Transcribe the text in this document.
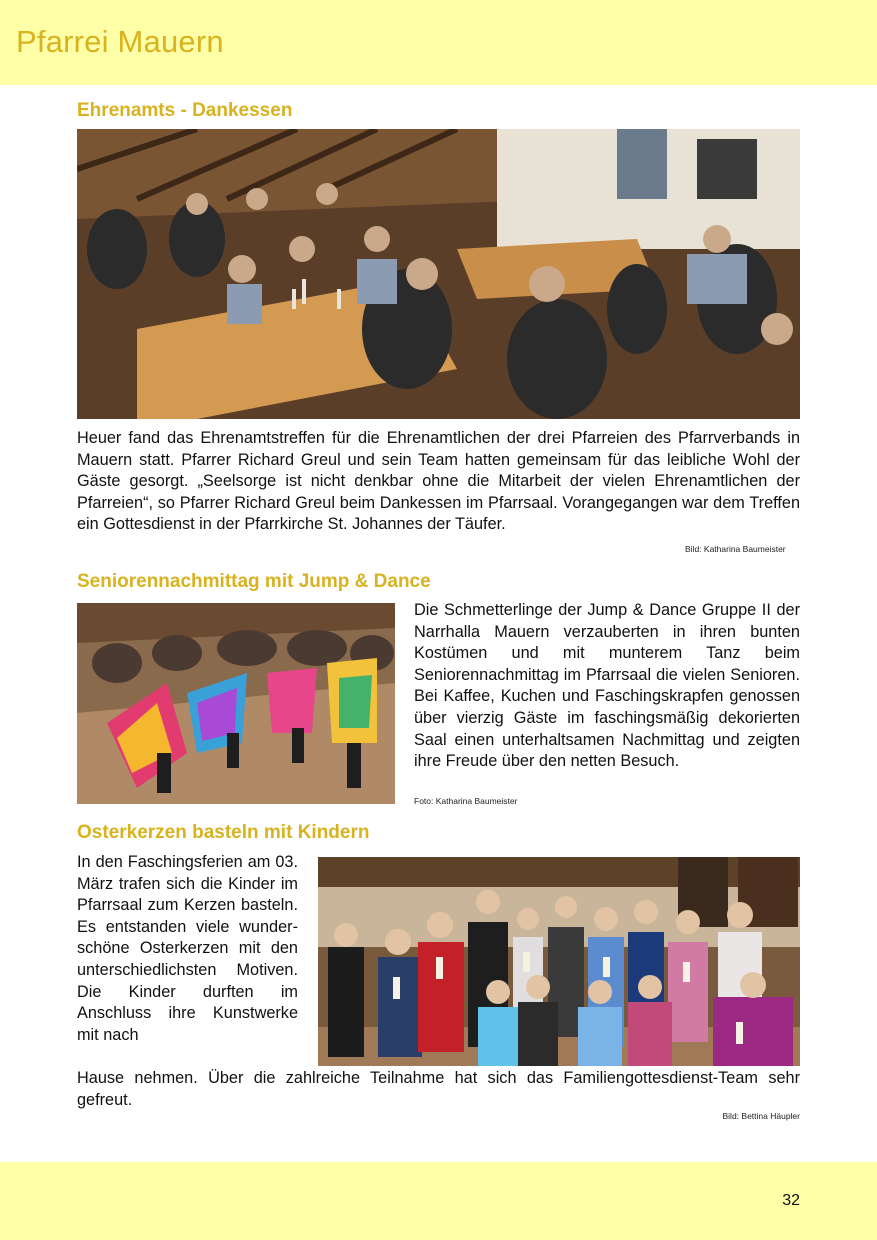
Pfarrei Mauern
Ehrenamts - Dankessen
Heuer fand das Ehrenamtstreffen für die Ehrenamtlichen der drei Pfarreien des Pfarrverbands in Mauern statt. Pfarrer Richard Greul und sein Team hatten gemeinsam für das leibliche Wohl der Gäste gesorgt. „Seelsorge ist nicht denkbar ohne die Mitarbeit der vielen Ehrenamtlichen der Pfarreien“, so Pfarrer Richard Greul beim Dankessen im Pfarrsaal. Vorangegangen war dem Treffen ein Gottesdienst in der Pfarrkirche St. Johannes der Täufer.
Bild: Katharina Baumeister
Seniorennachmittag mit Jump & Dance
Die Schmetterlinge der Jump & Dance Gruppe II der Narrhalla Mauern verzauberten in ihren bunten Kostümen und mit munterem Tanz beim Seniorennachmittag im Pfarrsaal die vielen Senioren. Bei Kaffee, Kuchen und Faschingskrapfen genossen über vierzig Gäste im faschingsmäßig dekorierten Saal einen unterhaltsamen Nachmittag und zeigten ihre Freude über den netten Besuch.
Foto: Katharina Baumeister
Osterkerzen basteln mit Kindern
In den Faschingsferien am 03. März trafen sich die Kinder im Pfarrsaal zum Kerzen basteln. Es entstanden viele wunder-schöne Osterkerzen mit den unterschiedlichsten Motiven. Die Kinder durften im Anschluss ihre Kunstwerke mit nach
Hause nehmen. Über die zahlreiche Teilnahme hat sich das Familiengottesdienst-Team sehr gefreut.
Bild: Bettina Häupler
32
